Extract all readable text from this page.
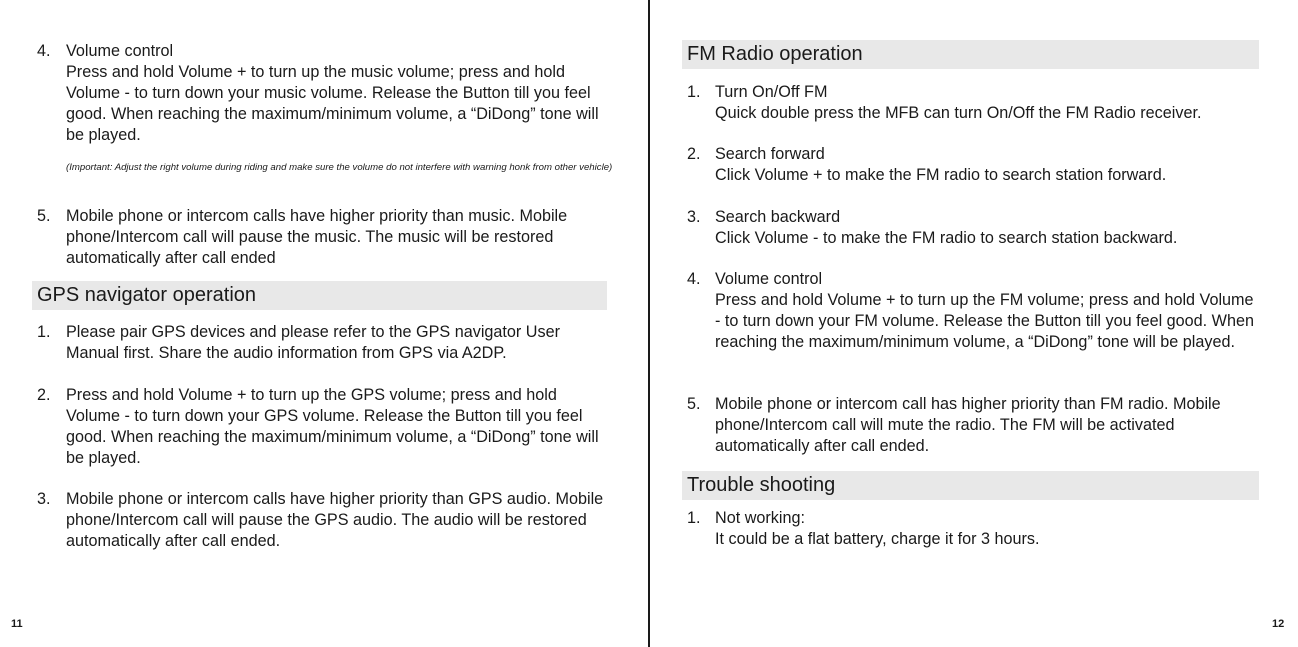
4. Volume control
Press and hold Volume + to turn up the music volume; press and hold Volume - to turn down your music volume. Release the Button till you feel good. When reaching the maximum/minimum volume, a “DiDong” tone will be played.
(Important: Adjust the right volume during riding and make sure the volume do not interfere with warning honk from other vehicle)
5. Mobile phone or intercom calls have higher priority than music. Mobile phone/Intercom call will pause the music. The music will be restored automatically after call ended
GPS navigator operation
1. Please pair GPS devices and please refer to the GPS navigator User Manual first. Share the audio information from GPS via A2DP.
2. Press and hold Volume + to turn up the GPS volume; press and hold Volume - to turn down your GPS volume. Release the Button till you feel good. When reaching the maximum/minimum volume, a “DiDong” tone will be played.
3. Mobile phone or intercom calls have higher priority than GPS audio. Mobile phone/Intercom call will pause the GPS audio. The audio will be restored automatically after call ended.
11
FM Radio operation
1. Turn On/Off FM
Quick double press the MFB can turn On/Off the FM Radio receiver.
2. Search forward
Click Volume + to make the FM radio to search station forward.
3. Search backward
Click Volume - to make the FM radio to search station backward.
4. Volume control
Press and hold Volume + to turn up the FM volume; press and hold Volume - to turn down your FM volume. Release the Button till you feel good. When reaching the maximum/minimum volume, a “DiDong” tone will be played.
5. Mobile phone or intercom call has higher priority than FM radio. Mobile phone/Intercom call will mute the radio. The FM will be activated automatically after call ended.
Trouble shooting
1. Not working:
It could be a flat battery, charge it for 3 hours.
12
